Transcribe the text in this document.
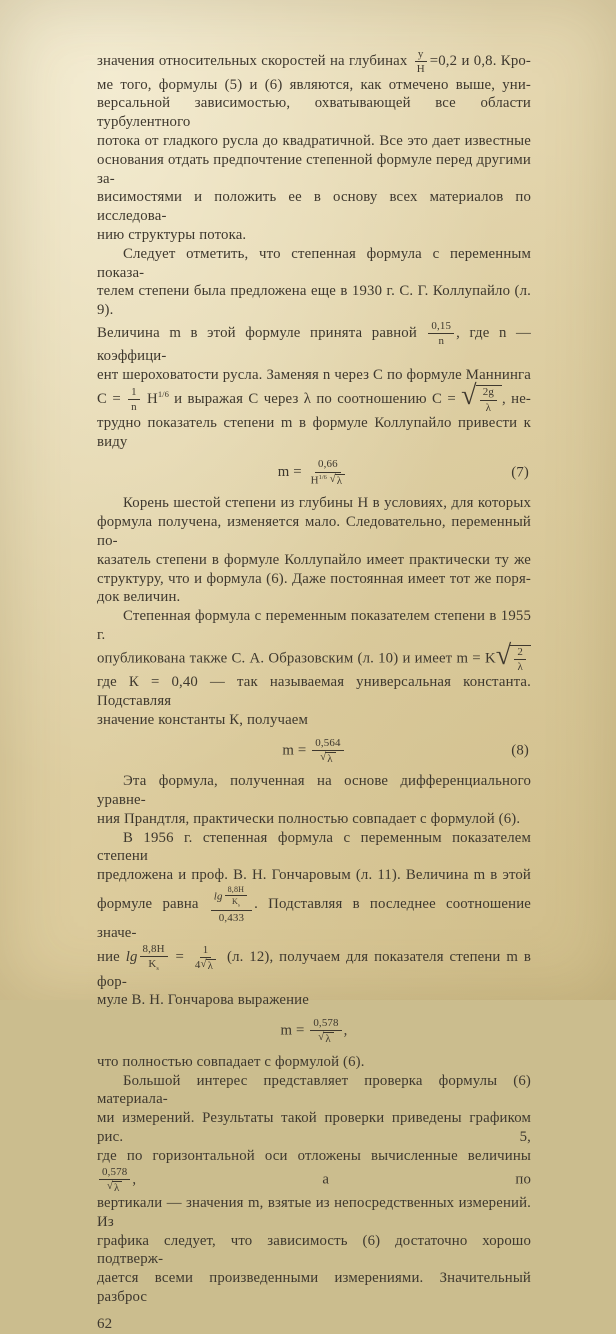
значения относительных скоростей на глубинах $\frac{у}{Н} =0,2$ и 0,8. Кро-
ме того, формулы (5) и (6) являются, как отмечено выше, уни-
версальной зависимостью, охватывающей все области турбулентного
потока от гладкого русла до квадратичной. Все это дает известные
основания отдать предпочтение степенной формуле перед другими за-
висимостями и положить ее в основу всех материалов по исследова-
нию структуры потока.
Следует отметить, что степенная формула с переменным показа-
телем степени была предложена еще в 1930 г. С. Г. Коллупайло (л. 9).
Величина m в этой формуле принята равной $\frac{0,15}{n}$ , где n — коэффици-
ент шероховатости русла. Заменяя n через С по формуле Маннинга
$C = \frac{1}{n} H^{1/6}$ и выражая С через λ по соотношению C = √ $\frac{2g}{\lambda}$ , не-
трудно показатель степени m в формуле Коллупайло привести к виду
$m = \frac{0,66}{H^{1/6} √ \lambda}$	(7)
Корень шестой степени из глубины Н в условиях, для которых
формула получена, изменяется мало. Следовательно, переменный по-
казатель степени в формуле Коллупайло имеет практически ту же
структуру, что и формула (6). Даже постоянная имеет тот же поря-
док величин.
Степенная формула с переменным показателем степени в 1955 г.
опубликована также С. А. Образовским (л. 10) и имеет m = K √ $\frac{2}{\lambda}$
где К = 0,40 — так называемая универсальная константа. Подставляя
значение константы К, получаем
$m = \frac{0,564}{√ \lambda}$	(8)
Эта формула, полученная на основе дифференциального уравне-
ния Прандтля, практически полностью совпадает с формулой (6).
В 1956 г. степенная формула с переменным показателем степени
предложена и проф. В. Н. Гончаровым (л. 11). Величина m в этой
формуле равна $\frac{\lg \frac{8,8H}{K_s}}{0,433}$ . Подставляя в последнее соотношение значе-
ние $\lg \frac{8,8H}{K_s} = \frac{1}{4 √ \lambda} (л$. 12), получаем для показателя степени m в фор-
муле В. Н. Гончарова выражение
$m = \frac{0,578}{√ \lambda}$ ,
что полностью совпадает с формулой (6).
Большой интерес представляет проверка формулы (6) материала-
ми измерений. Результаты такой проверки приведены графиком рис. 5,
где по горизонтальной оси отложены вычисленные величины
$\frac{0,578}{√ \lambda}$ , а по
вертикали — значения m, взятые из непосредственных измерений. Из
графика следует, что зависимость (6) достаточно хорошо подтверж-
дается всеми произведенными измерениями. Значительный разброс
62
